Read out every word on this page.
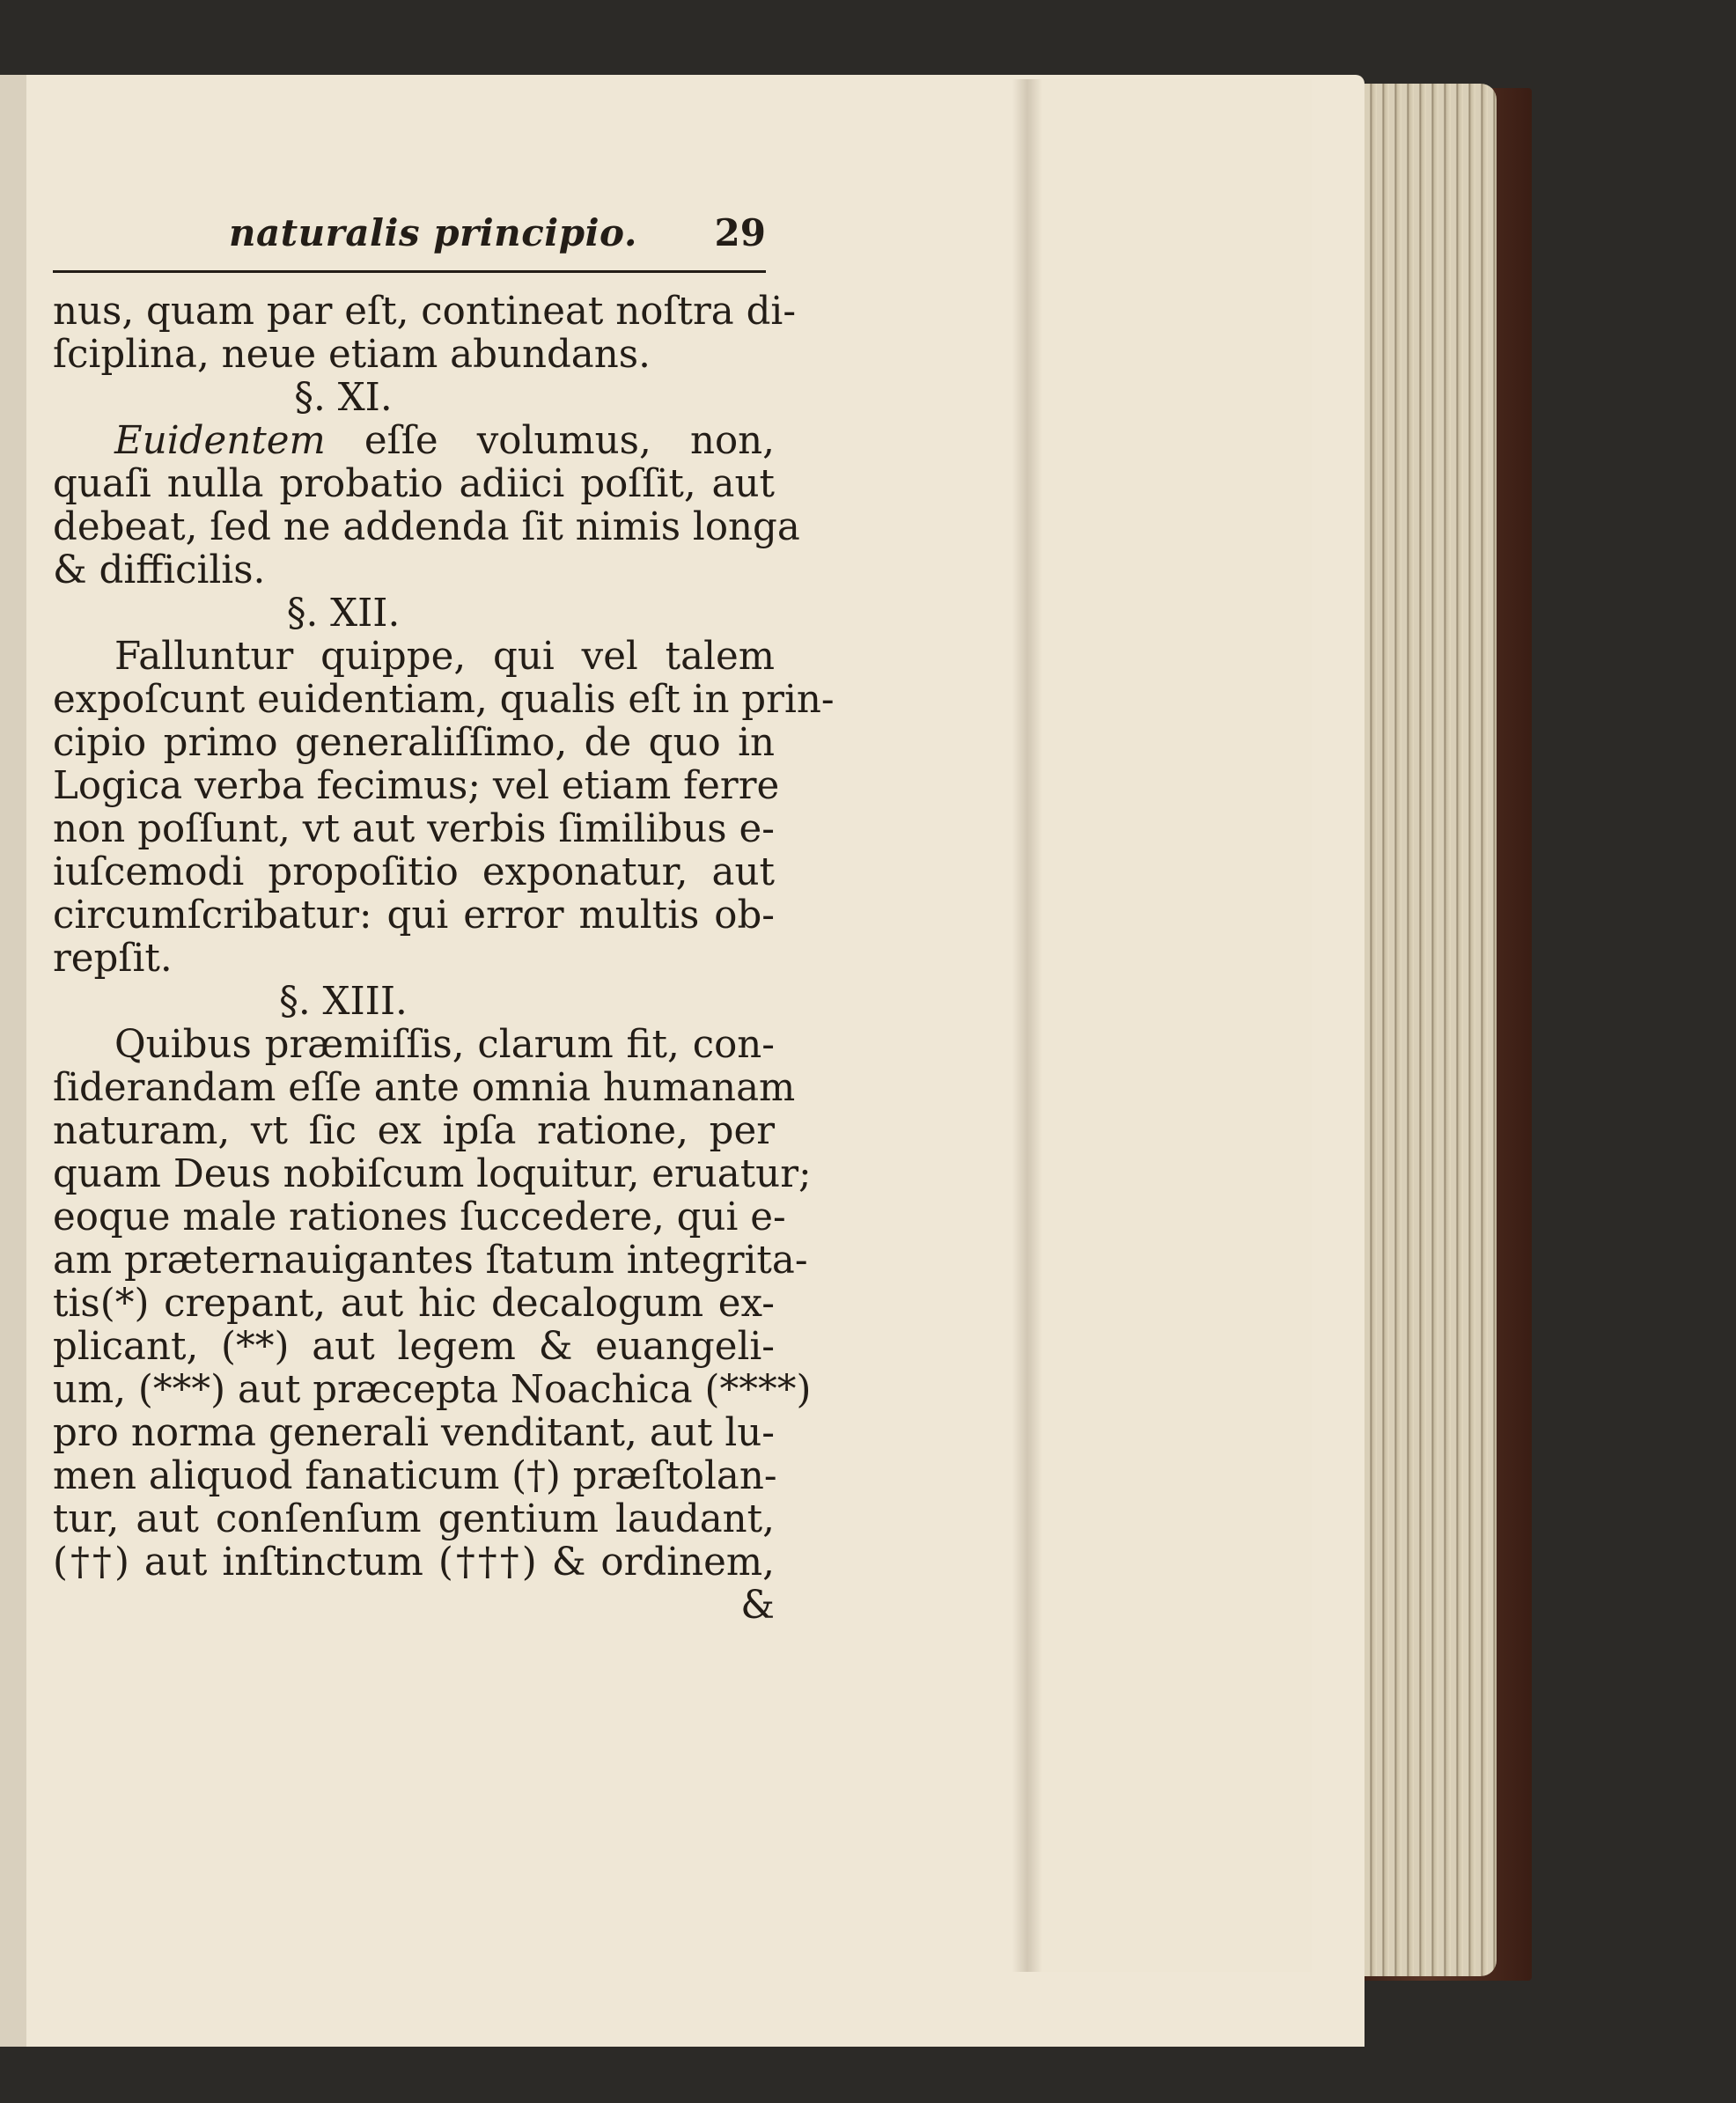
naturalis principio. 29
nus, quam par eſt, contineat noſtra di-
ſciplina, neue etiam abundans.
§. XI.
Euidentem eſſe volumus, non,
quaſi nulla probatio adiici poſſit, aut
debeat, ſed ne addenda ſit nimis longa
& difficilis.
§. XII.
Falluntur quippe, qui vel talem
expoſcunt euidentiam, qualis eſt in prin-
cipio primo generaliſſimo, de quo in
Logica verba fecimus; vel etiam ferre
non poſſunt, vt aut verbis ſimilibus e-
iuſcemodi propoſitio exponatur, aut
circumſcribatur: qui error multis ob-
repſit.
§. XIII.
Quibus præmiſſis, clarum fit, con-
ſiderandam eſſe ante omnia humanam
naturam, vt ſic ex ipſa ratione, per
quam Deus nobiſcum loquitur, eruatur;
eoque male rationes ſuccedere, qui e-
am præternauigantes ſtatum integrita-
tis(*) crepant, aut hic decalogum ex-
plicant, (**) aut legem & euangeli-
um, (***) aut præcepta Noachica (****)
pro norma generali venditant, aut lu-
men aliquod fanaticum (†) præſtolan-
tur, aut conſenſum gentium laudant,
(††) aut inſtinctum (†††) & ordinem,
&
